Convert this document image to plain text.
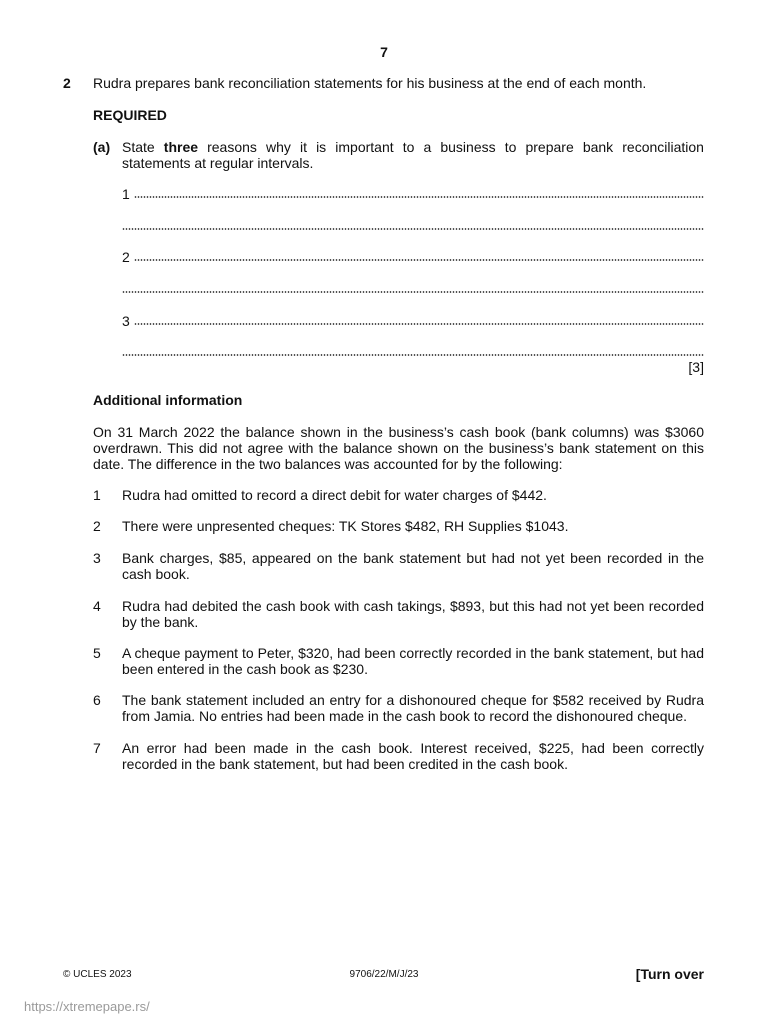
7
2 Rudra prepares bank reconciliation statements for his business at the end of each month.
REQUIRED
(a) State three reasons why it is important to a business to prepare bank reconciliation statements at regular intervals.
1
2
3
[3]
Additional information
On 31 March 2022 the balance shown in the business’s cash book (bank columns) was $3060 overdrawn. This did not agree with the balance shown on the business’s bank statement on this date. The difference in the two balances was accounted for by the following:
1 Rudra had omitted to record a direct debit for water charges of $442.
2 There were unpresented cheques: TK Stores $482, RH Supplies $1043.
3 Bank charges, $85, appeared on the bank statement but had not yet been recorded in the cash book.
4 Rudra had debited the cash book with cash takings, $893, but this had not yet been recorded by the bank.
5 A cheque payment to Peter, $320, had been correctly recorded in the bank statement, but had been entered in the cash book as $230.
6 The bank statement included an entry for a dishonoured cheque for $582 received by Rudra from Jamia. No entries had been made in the cash book to record the dishonoured cheque.
7 An error had been made in the cash book. Interest received, $225, had been correctly recorded in the bank statement, but had been credited in the cash book.
© UCLES 2023	9706/22/M/J/23	[Turn over
https://xtremepape.rs/
